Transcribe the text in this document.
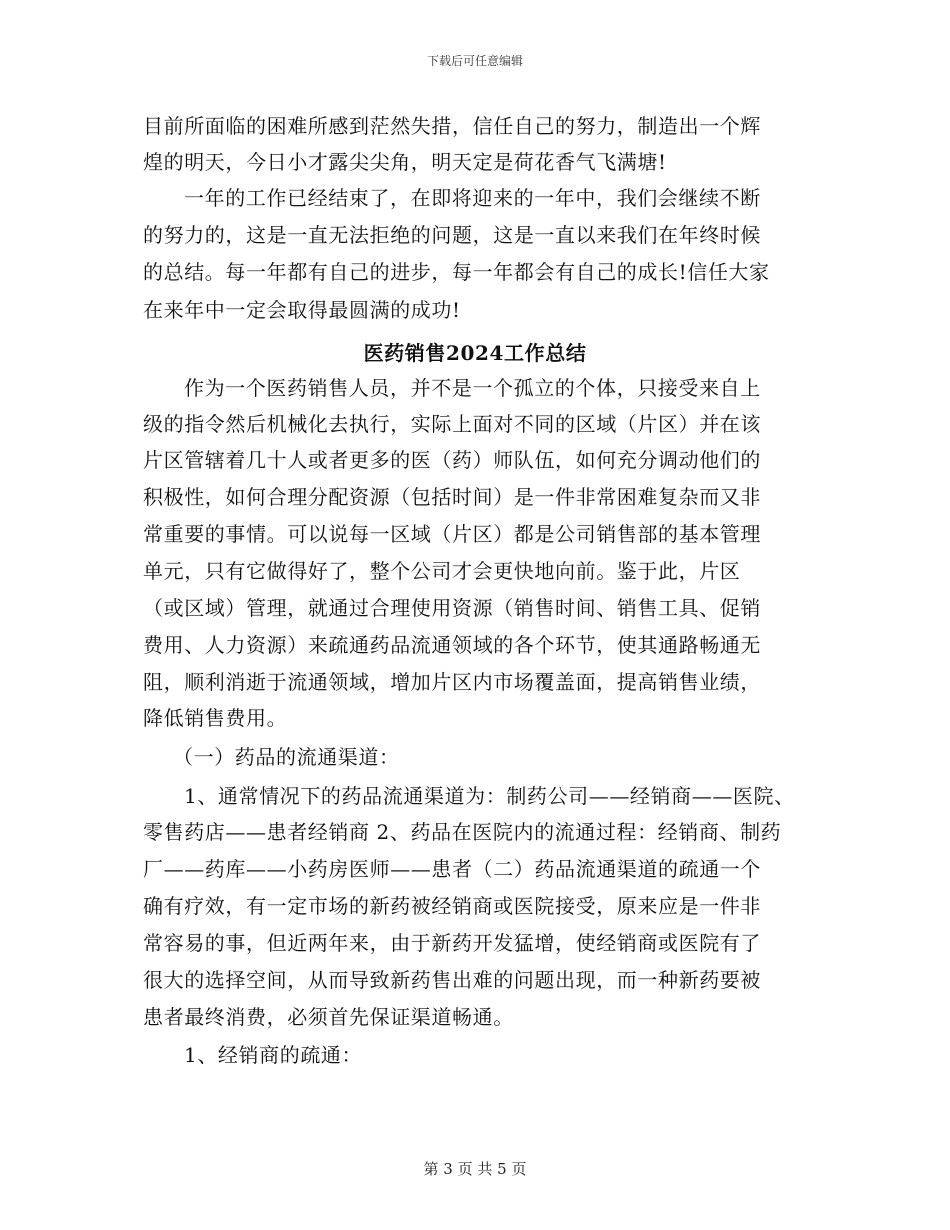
下载后可任意编辑
目前所面临的困难所感到茫然失措，信任自己的努力，制造出一个辉
煌的明天，今日小才露尖尖角，明天定是荷花香气飞满塘!
一年的工作已经结束了，在即将迎来的一年中，我们会继续不断
的努力的，这是一直无法拒绝的问题，这是一直以来我们在年终时候
的总结。每一年都有自己的进步，每一年都会有自己的成长!信任大家
在来年中一定会取得最圆满的成功!
医药销售2024工作总结
作为一个医药销售人员，并不是一个孤立的个体，只接受来自上
级的指令然后机械化去执行，实际上面对不同的区域（片区）并在该
片区管辖着几十人或者更多的医（药）师队伍，如何充分调动他们的
积极性，如何合理分配资源（包括时间）是一件非常困难复杂而又非
常重要的事情。可以说每一区域（片区）都是公司销售部的基本管理
单元，只有它做得好了，整个公司才会更快地向前。鉴于此，片区
（或区域）管理，就通过合理使用资源（销售时间、销售工具、促销
费用、人力资源）来疏通药品流通领域的各个环节，使其通路畅通无
阻，顺利消逝于流通领域，增加片区内市场覆盖面，提高销售业绩，
降低销售费用。
（一）药品的流通渠道：
1、通常情况下的药品流通渠道为：制药公司——经销商——医院、
零售药店——患者经销商 2、药品在医院内的流通过程：经销商、制药
厂——药库——小药房医师——患者（二）药品流通渠道的疏通一个
确有疗效，有一定市场的新药被经销商或医院接受，原来应是一件非
常容易的事，但近两年来，由于新药开发猛增，使经销商或医院有了
很大的选择空间，从而导致新药售出难的问题出现，而一种新药要被
患者最终消费，必须首先保证渠道畅通。
1、经销商的疏通：
第 3 页 共 5 页
